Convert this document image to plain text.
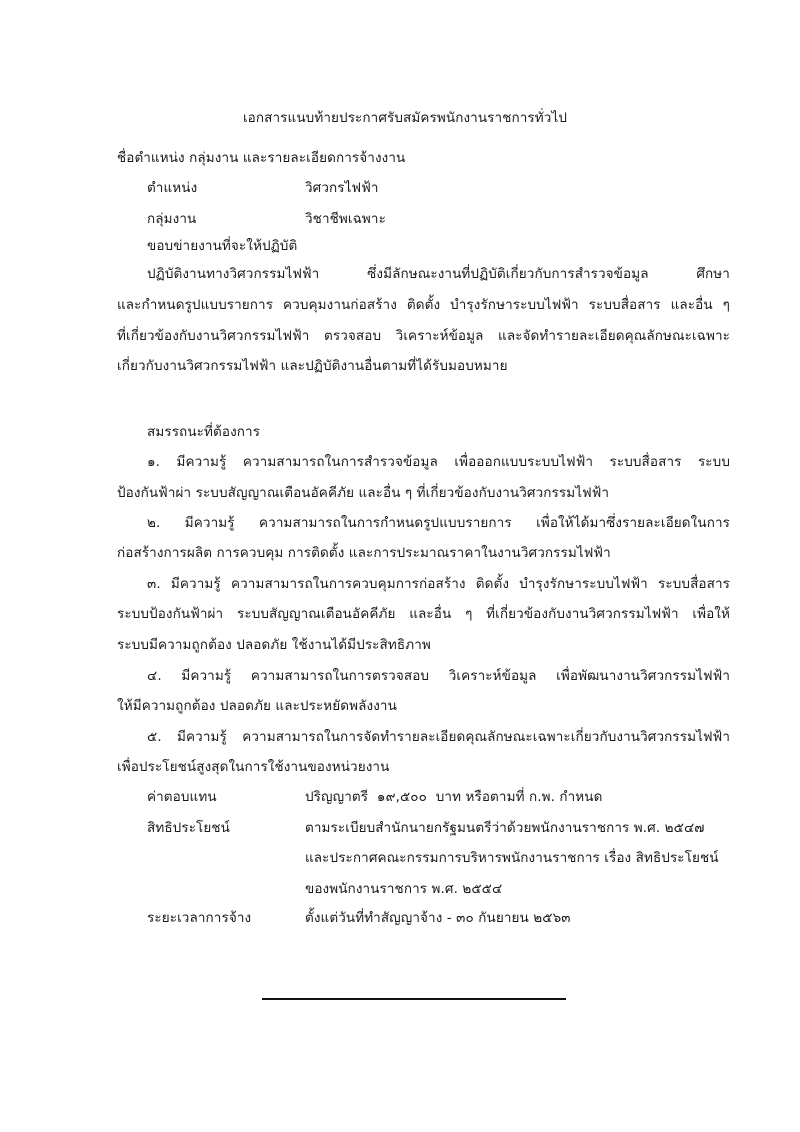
เอกสารแนบท้ายประกาศรับสมัครพนักงานราชการทั่วไป
ชื่อตำแหน่ง กลุ่มงาน และรายละเอียดการจ้างงาน
ตำแหน่ง	วิศวกรไฟฟ้า
กลุ่มงาน	วิชาชีพเฉพาะ
ขอบข่ายงานที่จะให้ปฏิบัติ
ปฏิบัติงานทางวิศวกรรมไฟฟ้า ซึ่งมีลักษณะงานที่ปฏิบัติเกี่ยวกับการสำรวจข้อมูล ศึกษา
และกำหนดรูปแบบรายการ ควบคุมงานก่อสร้าง ติดตั้ง บำรุงรักษาระบบไฟฟ้า ระบบสื่อสาร และอื่น ๆ
ที่เกี่ยวข้องกับงานวิศวกรรมไฟฟ้า ตรวจสอบ วิเคราะห์ข้อมูล และจัดทำรายละเอียดคุณลักษณะเฉพาะ
เกี่ยวกับงานวิศวกรรมไฟฟ้า และปฏิบัติงานอื่นตามที่ได้รับมอบหมาย
สมรรถนะที่ต้องการ
๑. มีความรู้ ความสามารถในการสำรวจข้อมูล เพื่อออกแบบระบบไฟฟ้า ระบบสื่อสาร ระบบ
ป้องกันฟ้าผ่า ระบบสัญญาณเตือนอัคคีภัย และอื่น ๆ ที่เกี่ยวข้องกับงานวิศวกรรมไฟฟ้า
๒. มีความรู้ ความสามารถในการกำหนดรูปแบบรายการ เพื่อให้ได้มาซึ่งรายละเอียดในการ
ก่อสร้างการผลิต การควบคุม การติดตั้ง และการประมาณราคาในงานวิศวกรรมไฟฟ้า
๓. มีความรู้ ความสามารถในการควบคุมการก่อสร้าง ติดตั้ง บำรุงรักษาระบบไฟฟ้า ระบบสื่อสาร
ระบบป้องกันฟ้าผ่า ระบบสัญญาณเตือนอัคคีภัย และอื่น ๆ ที่เกี่ยวข้องกับงานวิศวกรรมไฟฟ้า เพื่อให้
ระบบมีความถูกต้อง ปลอดภัย ใช้งานได้มีประสิทธิภาพ
๔. มีความรู้ ความสามารถในการตรวจสอบ วิเคราะห์ข้อมูล เพื่อพัฒนางานวิศวกรรมไฟฟ้า
ให้มีความถูกต้อง ปลอดภัย และประหยัดพลังงาน
๕. มีความรู้ ความสามารถในการจัดทำรายละเอียดคุณลักษณะเฉพาะเกี่ยวกับงานวิศวกรรมไฟฟ้า
เพื่อประโยชน์สูงสุดในการใช้งานของหน่วยงาน
ค่าตอบแทน	ปริญญาตรี  ๑๙,๕๐๐  บาท หรือตามที่ ก.พ. กำหนด
สิทธิประโยชน์	ตามระเบียบสำนักนายกรัฐมนตรีว่าด้วยพนักงานราชการ พ.ศ. ๒๕๔๗
และประกาศคณะกรรมการบริหารพนักงานราชการ เรื่อง สิทธิประโยชน์
ของพนักงานราชการ พ.ศ. ๒๕๕๔
ระยะเวลาการจ้าง	ตั้งแต่วันที่ทำสัญญาจ้าง - ๓๐ กันยายน ๒๕๖๓
